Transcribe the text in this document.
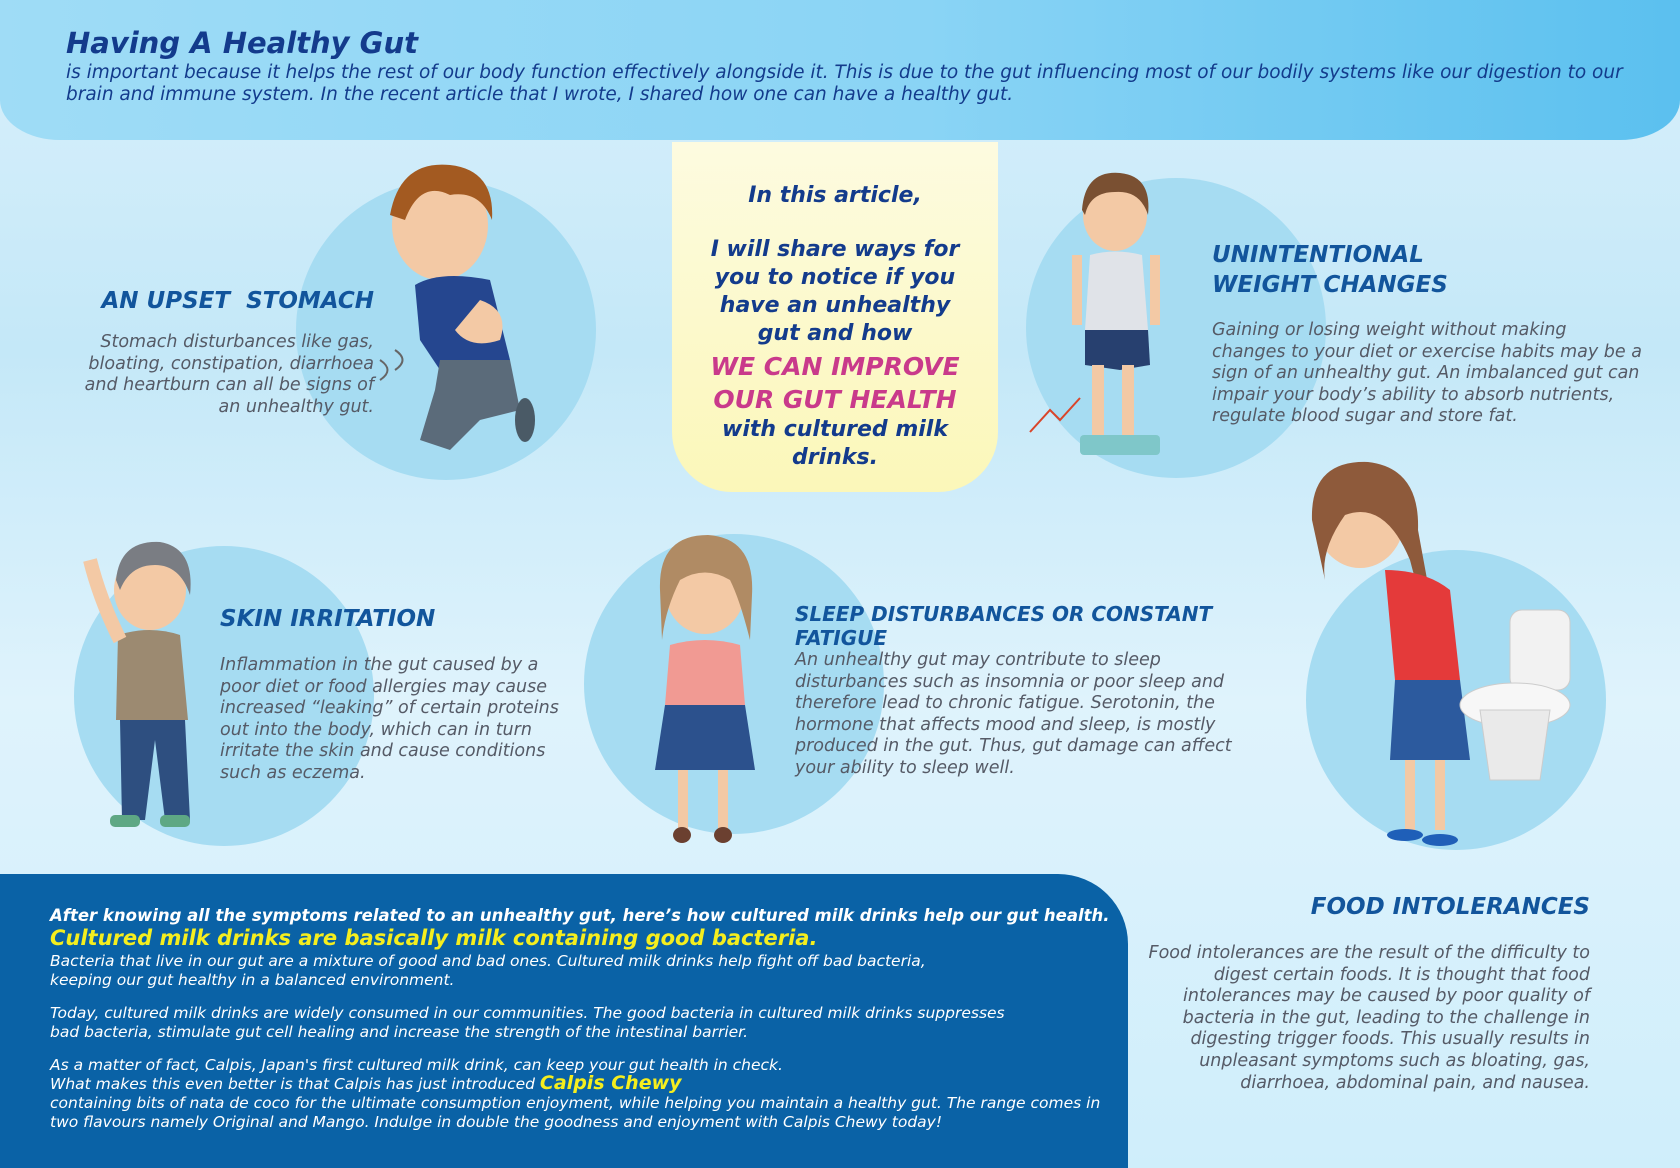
Having A Healthy Gut

is important because it helps the rest of our body function effectively alongside it. This is due to the gut influencing most of our bodily systems like our digestion to our brain and immune system. In the recent article that I wrote, I shared how one can have a healthy gut.

In this article,
I will share ways for you to notice if you have an unhealthy gut and how
WE CAN IMPROVE OUR GUT HEALTH
with cultured milk drinks.
AN UPSET  STOMACH
Stomach disturbances like gas, bloating, constipation, diarrhoea and heartburn can all be signs of an unhealthy gut.
UNINTENTIONAL
WEIGHT CHANGES
Gaining or losing weight without making changes to your diet or exercise habits may be a sign of an unhealthy gut. An imbalanced gut can impair your body’s ability to absorb nutrients, regulate blood sugar and store fat.
SKIN IRRITATION
Inflammation in the gut caused by a poor diet or food allergies may cause increased “leaking” of certain proteins out into the body, which can in turn irritate the skin and cause conditions such as eczema.
SLEEP DISTURBANCES OR CONSTANT FATIGUE
An unhealthy gut may contribute to sleep disturbances such as insomnia or poor sleep and therefore lead to chronic fatigue. Serotonin, the hormone that affects mood and sleep, is mostly produced in the gut. Thus, gut damage can affect your ability to sleep well.
FOOD INTOLERANCES
Food intolerances are the result of the difficulty to digest certain foods. It is thought that food intolerances may be caused by poor quality of bacteria in the gut, leading to the challenge in digesting trigger foods. This usually results in unpleasant symptoms such as bloating, gas, diarrhoea, abdominal pain, and nausea.
After knowing all the symptoms related to an unhealthy gut, here’s how cultured milk drinks help our gut health.
Cultured milk drinks are basically milk containing good bacteria.
Bacteria that live in our gut are a mixture of good and bad ones. Cultured milk drinks help fight off bad bacteria, keeping our gut healthy in a balanced environment.
Today, cultured milk drinks are widely consumed in our communities. The good bacteria in cultured milk drinks suppresses bad bacteria, stimulate gut cell healing and increase the strength of the intestinal barrier.
As a matter of fact, Calpis, Japan's first cultured milk drink, can keep your gut health in check.
What makes this even better is that Calpis has just introduced Calpis Chewy
containing bits of nata de coco for the ultimate consumption enjoyment, while helping you maintain a healthy gut. The range comes in two flavours namely Original and Mango. Indulge in double the goodness and enjoyment with Calpis Chewy today!
